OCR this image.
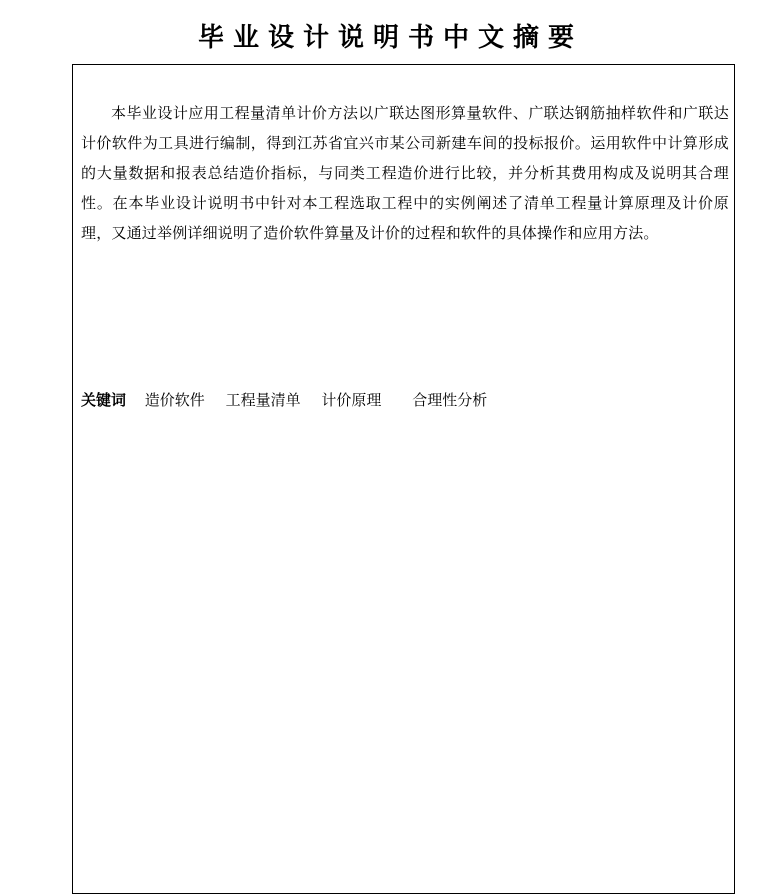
毕业设计说明书中文摘要

本毕业设计应用工程量清单计价方法以广联达图形算量软件、广联达钢筋抽样软件和广联达计价软件为工具进行编制，得到江苏省宜兴市某公司新建车间的投标报价。运用软件中计算形成的大量数据和报表总结造价指标，与同类工程造价进行比较，并分析其费用构成及说明其合理性。在本毕业设计说明书中针对本工程选取工程中的实例阐述了清单工程量计算原理及计价原理，又通过举例详细说明了造价软件算量及计价的过程和软件的具体操作和应用方法。

关键词 造价软件 工程量清单 计价原理 合理性分析
